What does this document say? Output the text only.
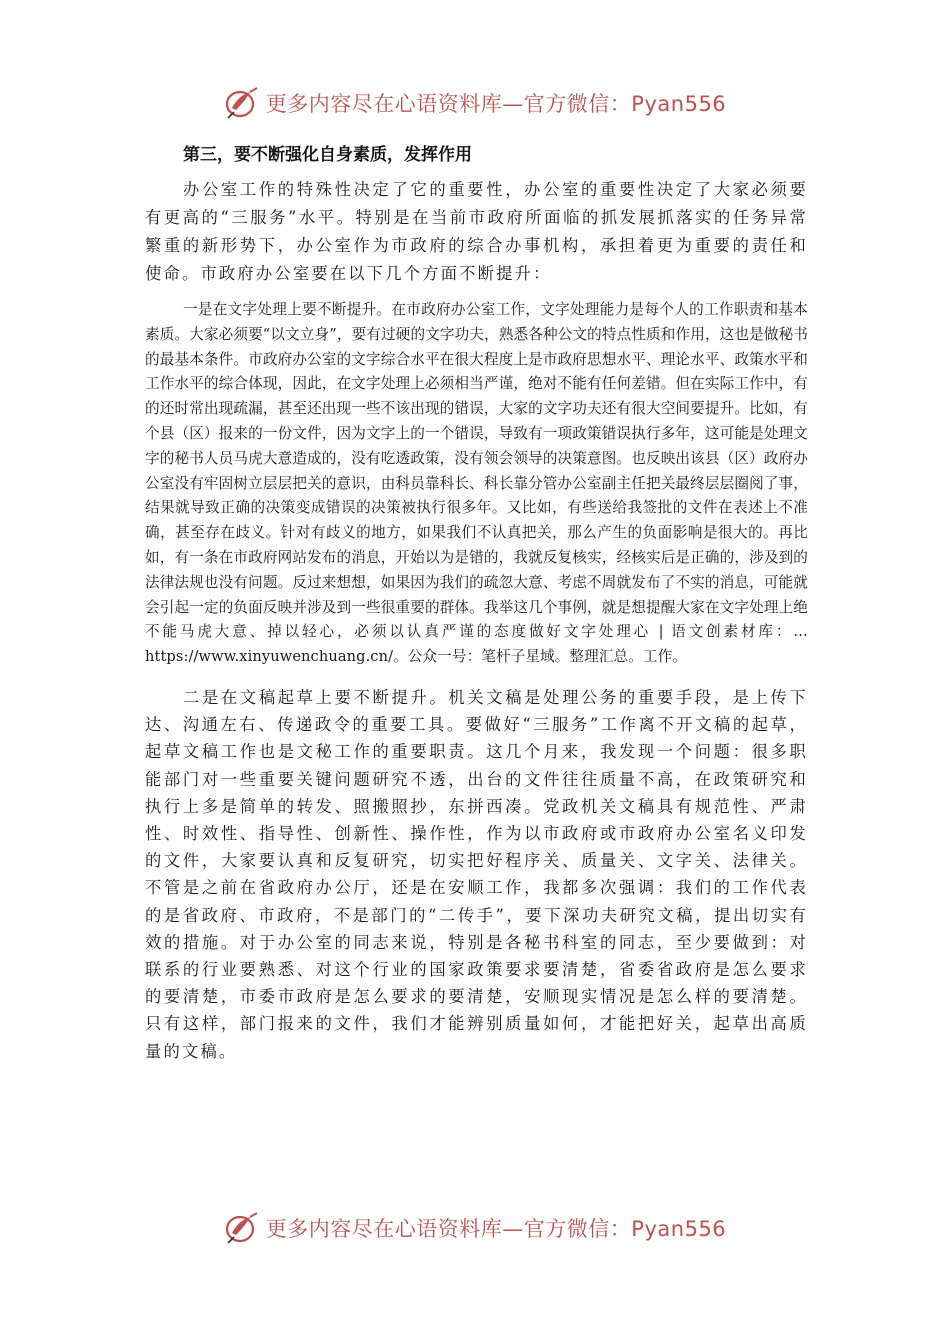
更多内容尽在心语资料库—官方微信：Pyan556
第三，要不断强化自身素质，发挥作用

办公室工作的特殊性决定了它的重要性，办公室的重要性决定了大家必须要有更高的“三服务”水平。特别是在当前市政府所面临的抓发展抓落实的任务异常繁重的新形势下，办公室作为市政府的综合办事机构，承担着更为重要的责任和使命。市政府办公室要在以下几个方面不断提升：

一是在文字处理上要不断提升。在市政府办公室工作，文字处理能力是每个人的工作职责和基本素质。大家必须要“以文立身”，要有过硬的文字功夫，熟悉各种公文的特点性质和作用，这也是做秘书的最基本条件。市政府办公室的文字综合水平在很大程度上是市政府思想水平、理论水平、政策水平和工作水平的综合体现，因此，在文字处理上必须相当严谨，绝对不能有任何差错。但在实际工作中，有的还时常出现疏漏，甚至还出现一些不该出现的错误，大家的文字功夫还有很大空间要提升。比如，有个县（区）报来的一份文件，因为文字上的一个错误，导致有一项政策错误执行多年，这可能是处理文字的秘书人员马虎大意造成的，没有吃透政策，没有领会领导的决策意图。也反映出该县（区）政府办公室没有牢固树立层层把关的意识，由科员靠科长、科长靠分管办公室副主任把关最终层层圈阅了事，结果就导致正确的决策变成错误的决策被执行很多年。又比如，有些送给我签批的文件在表述上不准确，甚至存在歧义。针对有歧义的地方，如果我们不认真把关，那么产生的负面影响是很大的。再比如，有一条在市政府网站发布的消息，开始以为是错的，我就反复核实，经核实后是正确的，涉及到的法律法规也没有问题。反过来想想，如果因为我们的疏忽大意、考虑不周就发布了不实的消息，可能就会引起一定的负面反映并涉及到一些很重要的群体。我举这几个事例，就是想提醒大家在文字处理上绝不能马虎大意、掉以轻心，必须以认真严谨的态度做好文字处理心 | 语文创素材库：…https://www.xinyuwenchuang.cn/。公众一号：笔杆子星域。整理汇总。工作。

二是在文稿起草上要不断提升。机关文稿是处理公务的重要手段，是上传下达、沟通左右、传递政令的重要工具。要做好“三服务”工作离不开文稿的起草，起草文稿工作也是文秘工作的重要职责。这几个月来，我发现一个问题：很多职能部门对一些重要关键问题研究不透，出台的文件往往质量不高，在政策研究和执行上多是简单的转发、照搬照抄，东拼西凑。党政机关文稿具有规范性、严肃性、时效性、指导性、创新性、操作性，作为以市政府或市政府办公室名义印发的文件，大家要认真和反复研究，切实把好程序关、质量关、文字关、法律关。不管是之前在省政府办公厅，还是在安顺工作，我都多次强调：我们的工作代表的是省政府、市政府，不是部门的“二传手”，要下深功夫研究文稿，提出切实有效的措施。对于办公室的同志来说，特别是各秘书科室的同志，至少要做到：对联系的行业要熟悉、对这个行业的国家政策要求要清楚，省委省政府是怎么要求的要清楚，市委市政府是怎么要求的要清楚，安顺现实情况是怎么样的要清楚。只有这样，部门报来的文件，我们才能辨别质量如何，才能把好关，起草出高质量的文稿。

更多内容尽在心语资料库—官方微信：Pyan556
